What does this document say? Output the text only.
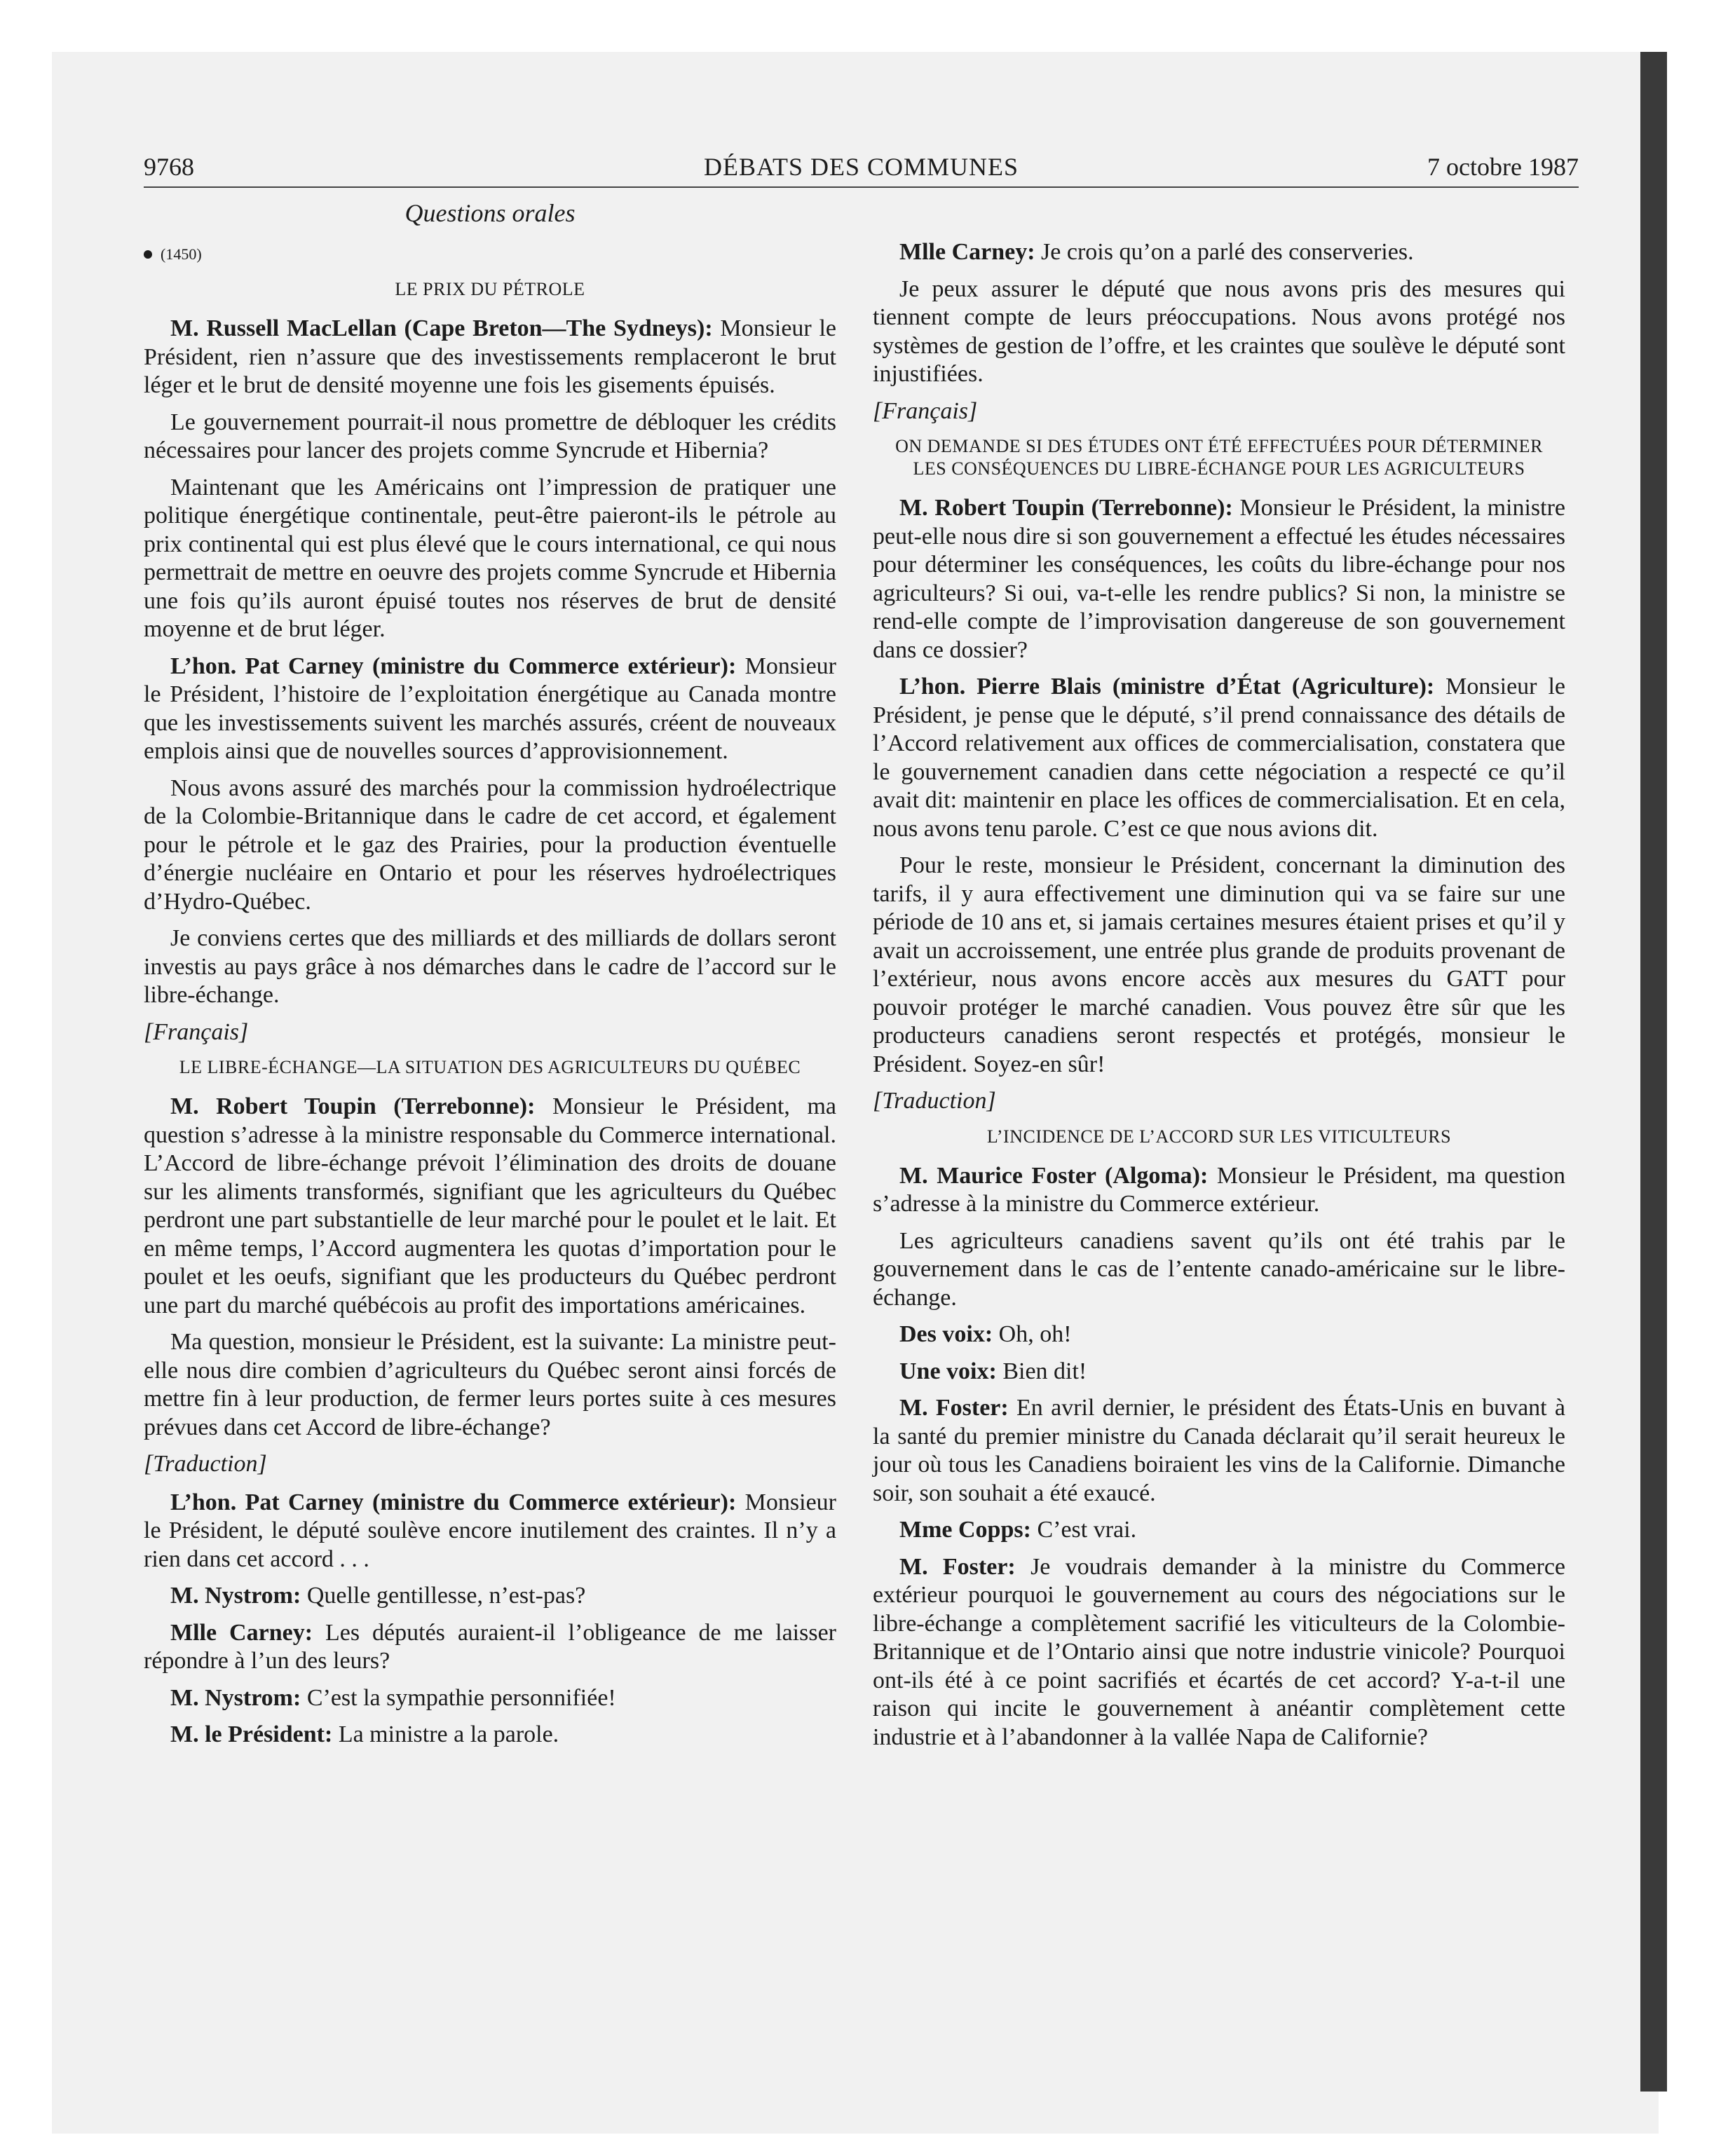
9768	DÉBATS DES COMMUNES	7 octobre 1987
Questions orales
(1450)
LE PRIX DU PÉTROLE

M. Russell MacLellan (Cape Breton—The Sydneys): Monsieur le Président, rien n’assure que des investissements remplaceront le brut léger et le brut de densité moyenne une fois les gisements épuisés.

Le gouvernement pourrait-il nous promettre de débloquer les crédits nécessaires pour lancer des projets comme Syncrude et Hibernia?

Maintenant que les Américains ont l’impression de pratiquer une politique énergétique continentale, peut-être paieront-ils le pétrole au prix continental qui est plus élevé que le cours international, ce qui nous permettrait de mettre en oeuvre des projets comme Syncrude et Hibernia une fois qu’ils auront épuisé toutes nos réserves de brut de densité moyenne et de brut léger.

L’hon. Pat Carney (ministre du Commerce extérieur): Monsieur le Président, l’histoire de l’exploitation énergétique au Canada montre que les investissements suivent les marchés assurés, créent de nouveaux emplois ainsi que de nouvelles sources d’approvisionnement.

Nous avons assuré des marchés pour la commission hydroélectrique de la Colombie-Britannique dans le cadre de cet accord, et également pour le pétrole et le gaz des Prairies, pour la production éventuelle d’énergie nucléaire en Ontario et pour les réserves hydroélectriques d’Hydro-Québec.

Je conviens certes que des milliards et des milliards de dollars seront investis au pays grâce à nos démarches dans le cadre de l’accord sur le libre-échange.

[Français]
LE LIBRE-ÉCHANGE—LA SITUATION DES AGRICULTEURS DU QUÉBEC

M. Robert Toupin (Terrebonne): Monsieur le Président, ma question s’adresse à la ministre responsable du Commerce international. L’Accord de libre-échange prévoit l’élimination des droits de douane sur les aliments transformés, signifiant que les agriculteurs du Québec perdront une part substantielle de leur marché pour le poulet et le lait. Et en même temps, l’Accord augmentera les quotas d’importation pour le poulet et les oeufs, signifiant que les producteurs du Québec perdront une part du marché québécois au profit des importations américaines.

Ma question, monsieur le Président, est la suivante: La ministre peut-elle nous dire combien d’agriculteurs du Québec seront ainsi forcés de mettre fin à leur production, de fermer leurs portes suite à ces mesures prévues dans cet Accord de libre-échange?

[Traduction]

L’hon. Pat Carney (ministre du Commerce extérieur): Monsieur le Président, le député soulève encore inutilement des craintes. Il n’y a rien dans cet accord . . .

M. Nystrom: Quelle gentillesse, n’est-pas?

Mlle Carney: Les députés auraient-il l’obligeance de me laisser répondre à l’un des leurs?

M. Nystrom: C’est la sympathie personnifiée!

M. le Président: La ministre a la parole.

Mlle Carney: Je crois qu’on a parlé des conserveries.

Je peux assurer le député que nous avons pris des mesures qui tiennent compte de leurs préoccupations. Nous avons protégé nos systèmes de gestion de l’offre, et les craintes que soulève le député sont injustifiées.

[Français]
ON DEMANDE SI DES ÉTUDES ONT ÉTÉ EFFECTUÉES POUR DÉTERMINER LES CONSÉQUENCES DU LIBRE-ÉCHANGE POUR LES AGRICULTEURS

M. Robert Toupin (Terrebonne): Monsieur le Président, la ministre peut-elle nous dire si son gouvernement a effectué les études nécessaires pour déterminer les conséquences, les coûts du libre-échange pour nos agriculteurs? Si oui, va-t-elle les rendre publics? Si non, la ministre se rend-elle compte de l’improvisation dangereuse de son gouvernement dans ce dossier?

L’hon. Pierre Blais (ministre d’État (Agriculture): Monsieur le Président, je pense que le député, s’il prend connaissance des détails de l’Accord relativement aux offices de commercialisation, constatera que le gouvernement canadien dans cette négociation a respecté ce qu’il avait dit: maintenir en place les offices de commercialisation. Et en cela, nous avons tenu parole. C’est ce que nous avions dit.

Pour le reste, monsieur le Président, concernant la diminution des tarifs, il y aura effectivement une diminution qui va se faire sur une période de 10 ans et, si jamais certaines mesures étaient prises et qu’il y avait un accroissement, une entrée plus grande de produits provenant de l’extérieur, nous avons encore accès aux mesures du GATT pour pouvoir protéger le marché canadien. Vous pouvez être sûr que les producteurs canadiens seront respectés et protégés, monsieur le Président. Soyez-en sûr!

[Traduction]
L’INCIDENCE DE L’ACCORD SUR LES VITICULTEURS

M. Maurice Foster (Algoma): Monsieur le Président, ma question s’adresse à la ministre du Commerce extérieur.

Les agriculteurs canadiens savent qu’ils ont été trahis par le gouvernement dans le cas de l’entente canado-américaine sur le libre-échange.

Des voix: Oh, oh!

Une voix: Bien dit!

M. Foster: En avril dernier, le président des États-Unis en buvant à la santé du premier ministre du Canada déclarait qu’il serait heureux le jour où tous les Canadiens boiraient les vins de la Californie. Dimanche soir, son souhait a été exaucé.

Mme Copps: C’est vrai.

M. Foster: Je voudrais demander à la ministre du Commerce extérieur pourquoi le gouvernement au cours des négociations sur le libre-échange a complètement sacrifié les viticulteurs de la Colombie-Britannique et de l’Ontario ainsi que notre industrie vinicole? Pourquoi ont-ils été à ce point sacrifiés et écartés de cet accord? Y-a-t-il une raison qui incite le gouvernement à anéantir complètement cette industrie et à l’abandonner à la vallée Napa de Californie?
